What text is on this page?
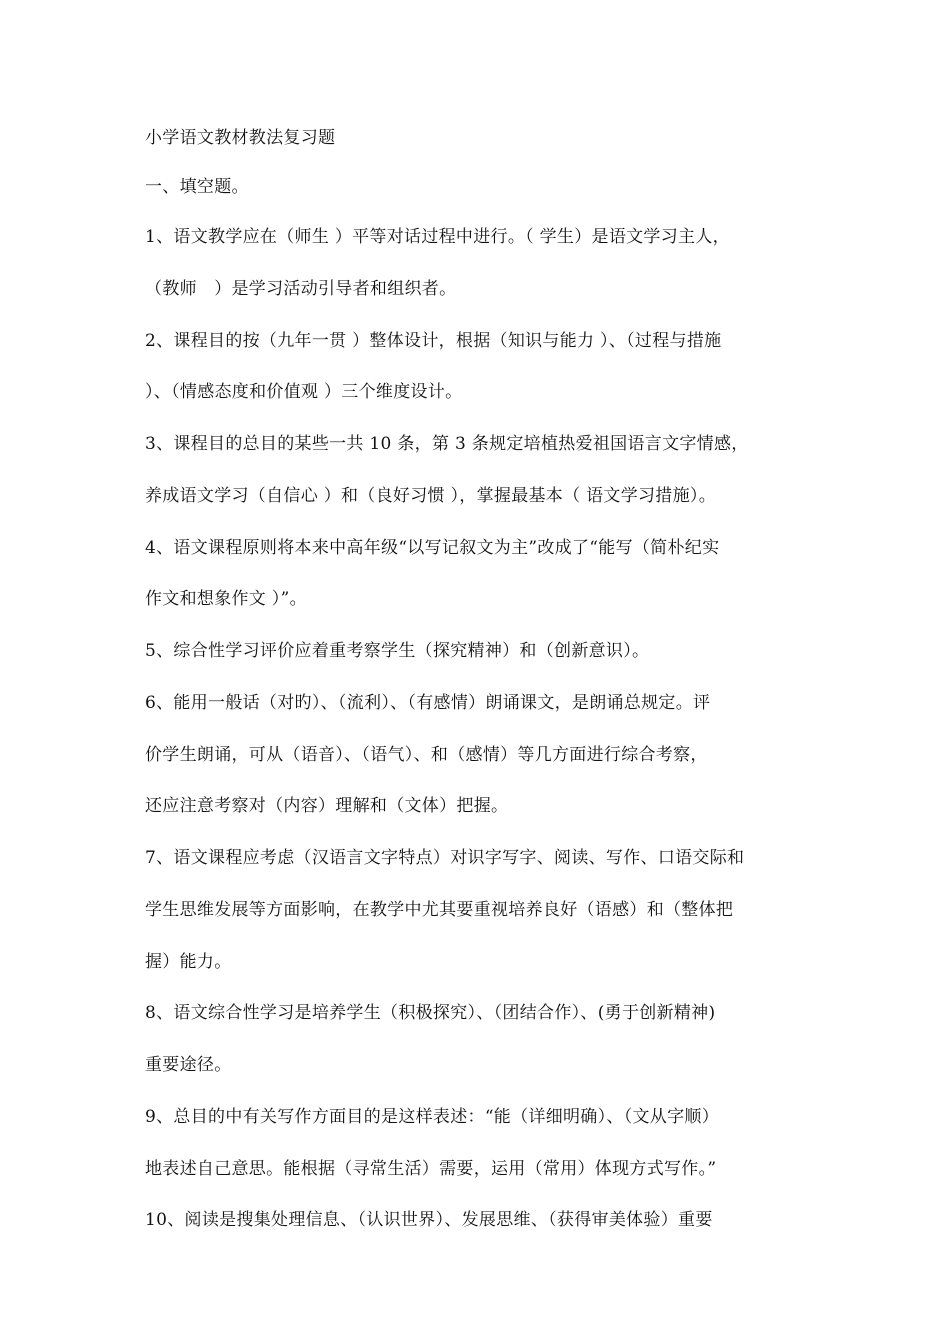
小学语文教材教法复习题
一、填空题。
1、语文教学应在（师生 ）平等对话过程中进行。（ 学生）是语文学习主人，
（教师　）是学习活动引导者和组织者。
2、课程目的按（九年一贯 ）整体设计，根据（知识与能力 ）、（过程与措施
）、（情感态度和价值观 ）三个维度设计。
3、课程目的总目的某些一共 10 条，第 3 条规定培植热爱祖国语言文字情感，
养成语文学习（自信心 ）和（良好习惯 ），掌握最基本（ 语文学习措施）。
4、语文课程原则将本来中高年级“以写记叙文为主”改成了“能写（简朴纪实
作文和想象作文 ）”。
5、综合性学习评价应着重考察学生（探究精神）和（创新意识）。
6、能用一般话（对旳）、（流利）、（有感情）朗诵课文，是朗诵总规定。评
价学生朗诵，可从（语音）、（语气）、和（感情）等几方面进行综合考察，
还应注意考察对（内容）理解和（文体）把握。
7、语文课程应考虑（汉语言文字特点）对识字写字、阅读、写作、口语交际和
学生思维发展等方面影响，在教学中尤其要重视培养良好（语感）和（整体把
握）能力。
8、语文综合性学习是培养学生（积极探究）、（团结合作）、(勇于创新精神)
重要途径。
9、总目的中有关写作方面目的是这样表述：“能（详细明确）、（文从字顺）
地表述自己意思。能根据（寻常生活）需要，运用（常用）体现方式写作。”
10、阅读是搜集处理信息、（认识世界）、发展思维、（获得审美体验）重要
